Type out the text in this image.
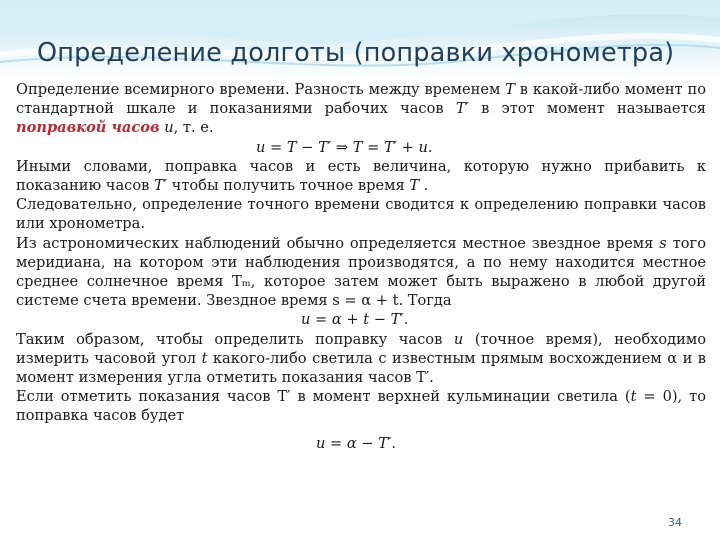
Определение долготы (поправки хронометра)

Определение всемирного времени. Разность между временем T в какой-либо момент по стандартной шкале и показаниями рабочих часов T′ в этот момент называется поправкой часов u, т. е.

u = T − T′ ⇒ T = T′ + u.

Иными словами, поправка часов и есть величина, которую нужно прибавить к показанию часов T′ чтобы получить точное время T .

Следовательно, определение точного времени сводится к определению поправки часов или хронометра.

Из астрономических наблюдений обычно определяется местное звездное время s того меридиана, на котором эти наблюдения производятся, а по нему находится местное среднее солнечное время Tₘ, которое затем может быть выражено в любой другой системе счета времени. Звездное время s = α + t. Тогда

u = α + t − T′.

Таким образом, чтобы определить поправку часов u (точное время), необходимо измерить часовой угол t какого-либо светила с известным прямым восхождением α и в момент измерения угла отметить показания часов T′.

Если отметить показания часов T′ в момент верхней кульминации светила (t = 0), то поправка часов будет

u = α − T′.

34
